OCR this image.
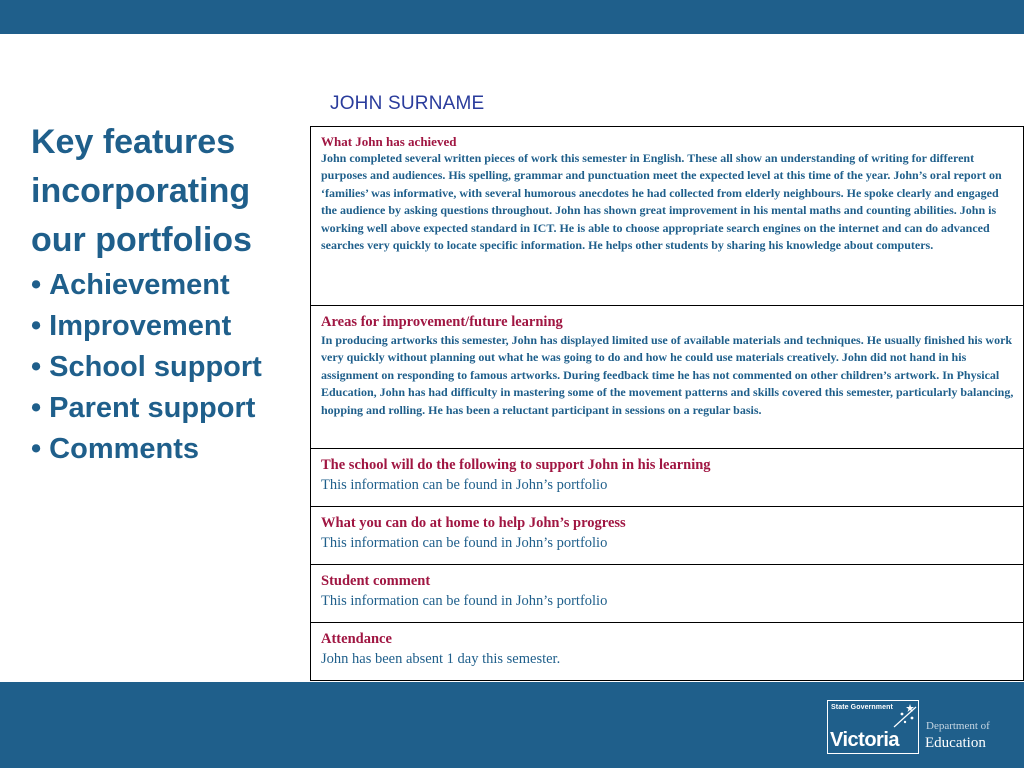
JOHN SURNAME
Key features
incorporating
our portfolios
• Achievement
• Improvement
• School support
• Parent support
• Comments
What John has achieved
John completed several written pieces of work this semester in English. These all show an understanding of writing for different purposes and audiences. His spelling, grammar and punctuation meet the expected level at this time of the year. John’s oral report on ‘families’ was informative, with several humorous anecdotes he had collected from elderly neighbours. He spoke clearly and engaged the audience by asking questions throughout. John has shown great improvement in his mental maths and counting abilities. John is working well above expected standard in ICT. He is able to choose appropriate search engines on the internet and can do advanced searches very quickly to locate specific information. He helps other students by sharing his knowledge about computers.

Areas for improvement/future learning
In producing artworks this semester, John has displayed limited use of available materials and techniques. He usually finished his work very quickly without planning out what he was going to do and how he could use materials creatively. John did not hand in his assignment on responding to famous artworks. During feedback time he has not commented on other children’s artwork. In Physical Education, John has had difficulty in mastering some of the movement patterns and skills covered this semester, particularly balancing, hopping and rolling. He has been a reluctant participant in sessions on a regular basis.

The school will do the following to support John in his learning
This information can be found in John’s portfolio

What you can do at home to help John’s progress
This information can be found in John’s portfolio

Student comment
This information can be found in John’s portfolio

Attendance
John has been absent 1 day this semester.
State Government
Victoria
Department of
Education
